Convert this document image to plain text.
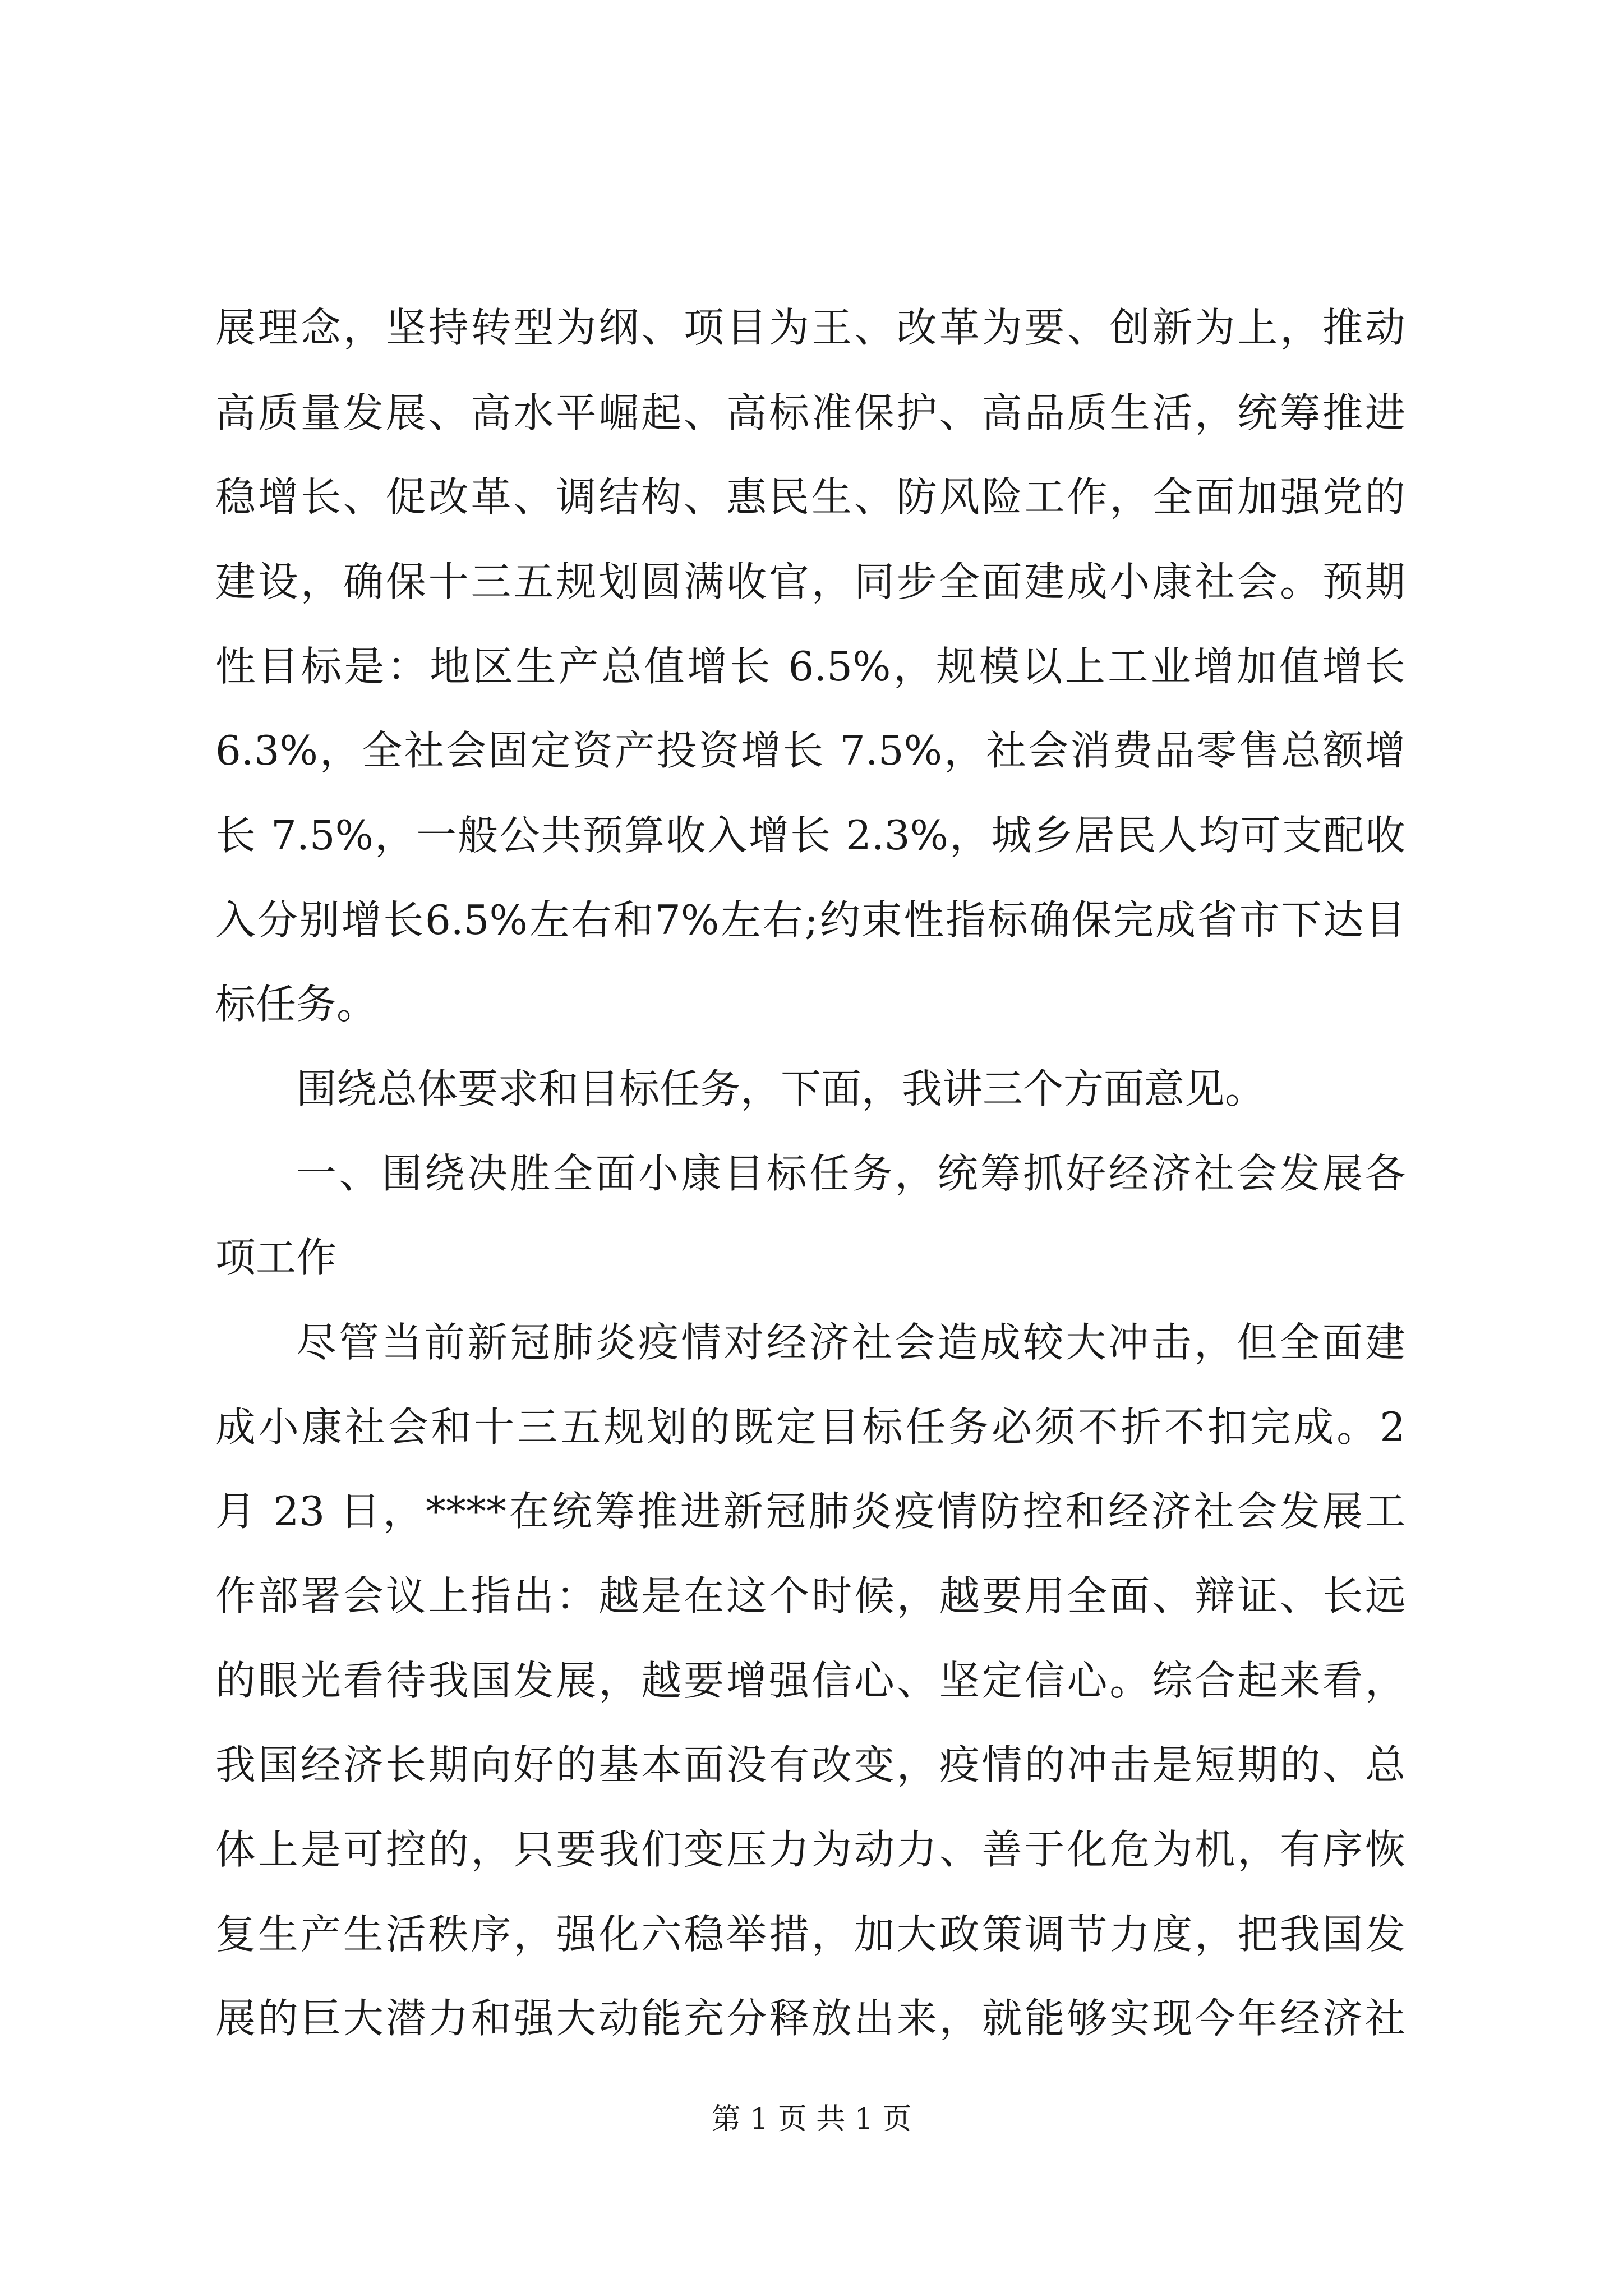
展理念，坚持转型为纲、项目为王、改革为要、创新为上，推动
高质量发展、高水平崛起、高标准保护、高品质生活，统筹推进
稳增长、促改革、调结构、惠民生、防风险工作，全面加强党的
建设，确保十三五规划圆满收官，同步全面建成小康社会。预期
性目标是：地区生产总值增长 6.5%，规模以上工业增加值增长
6.3%，全社会固定资产投资增长 7.5%，社会消费品零售总额增
长 7.5%，一般公共预算收入增长 2.3%，城乡居民人均可支配收
入分别增长6.5%左右和7%左右;约束性指标确保完成省市下达目
标任务。
围绕总体要求和目标任务，下面，我讲三个方面意见。
一、围绕决胜全面小康目标任务，统筹抓好经济社会发展各
项工作
尽管当前新冠肺炎疫情对经济社会造成较大冲击，但全面建
成小康社会和十三五规划的既定目标任务必须不折不扣完成。2
月 23 日，****在统筹推进新冠肺炎疫情防控和经济社会发展工
作部署会议上指出：越是在这个时候，越要用全面、辩证、长远
的眼光看待我国发展，越要增强信心、坚定信心。综合起来看，
我国经济长期向好的基本面没有改变，疫情的冲击是短期的、总
体上是可控的，只要我们变压力为动力、善于化危为机，有序恢
复生产生活秩序，强化六稳举措，加大政策调节力度，把我国发
展的巨大潜力和强大动能充分释放出来，就能够实现今年经济社
第 1 页 共 1 页
